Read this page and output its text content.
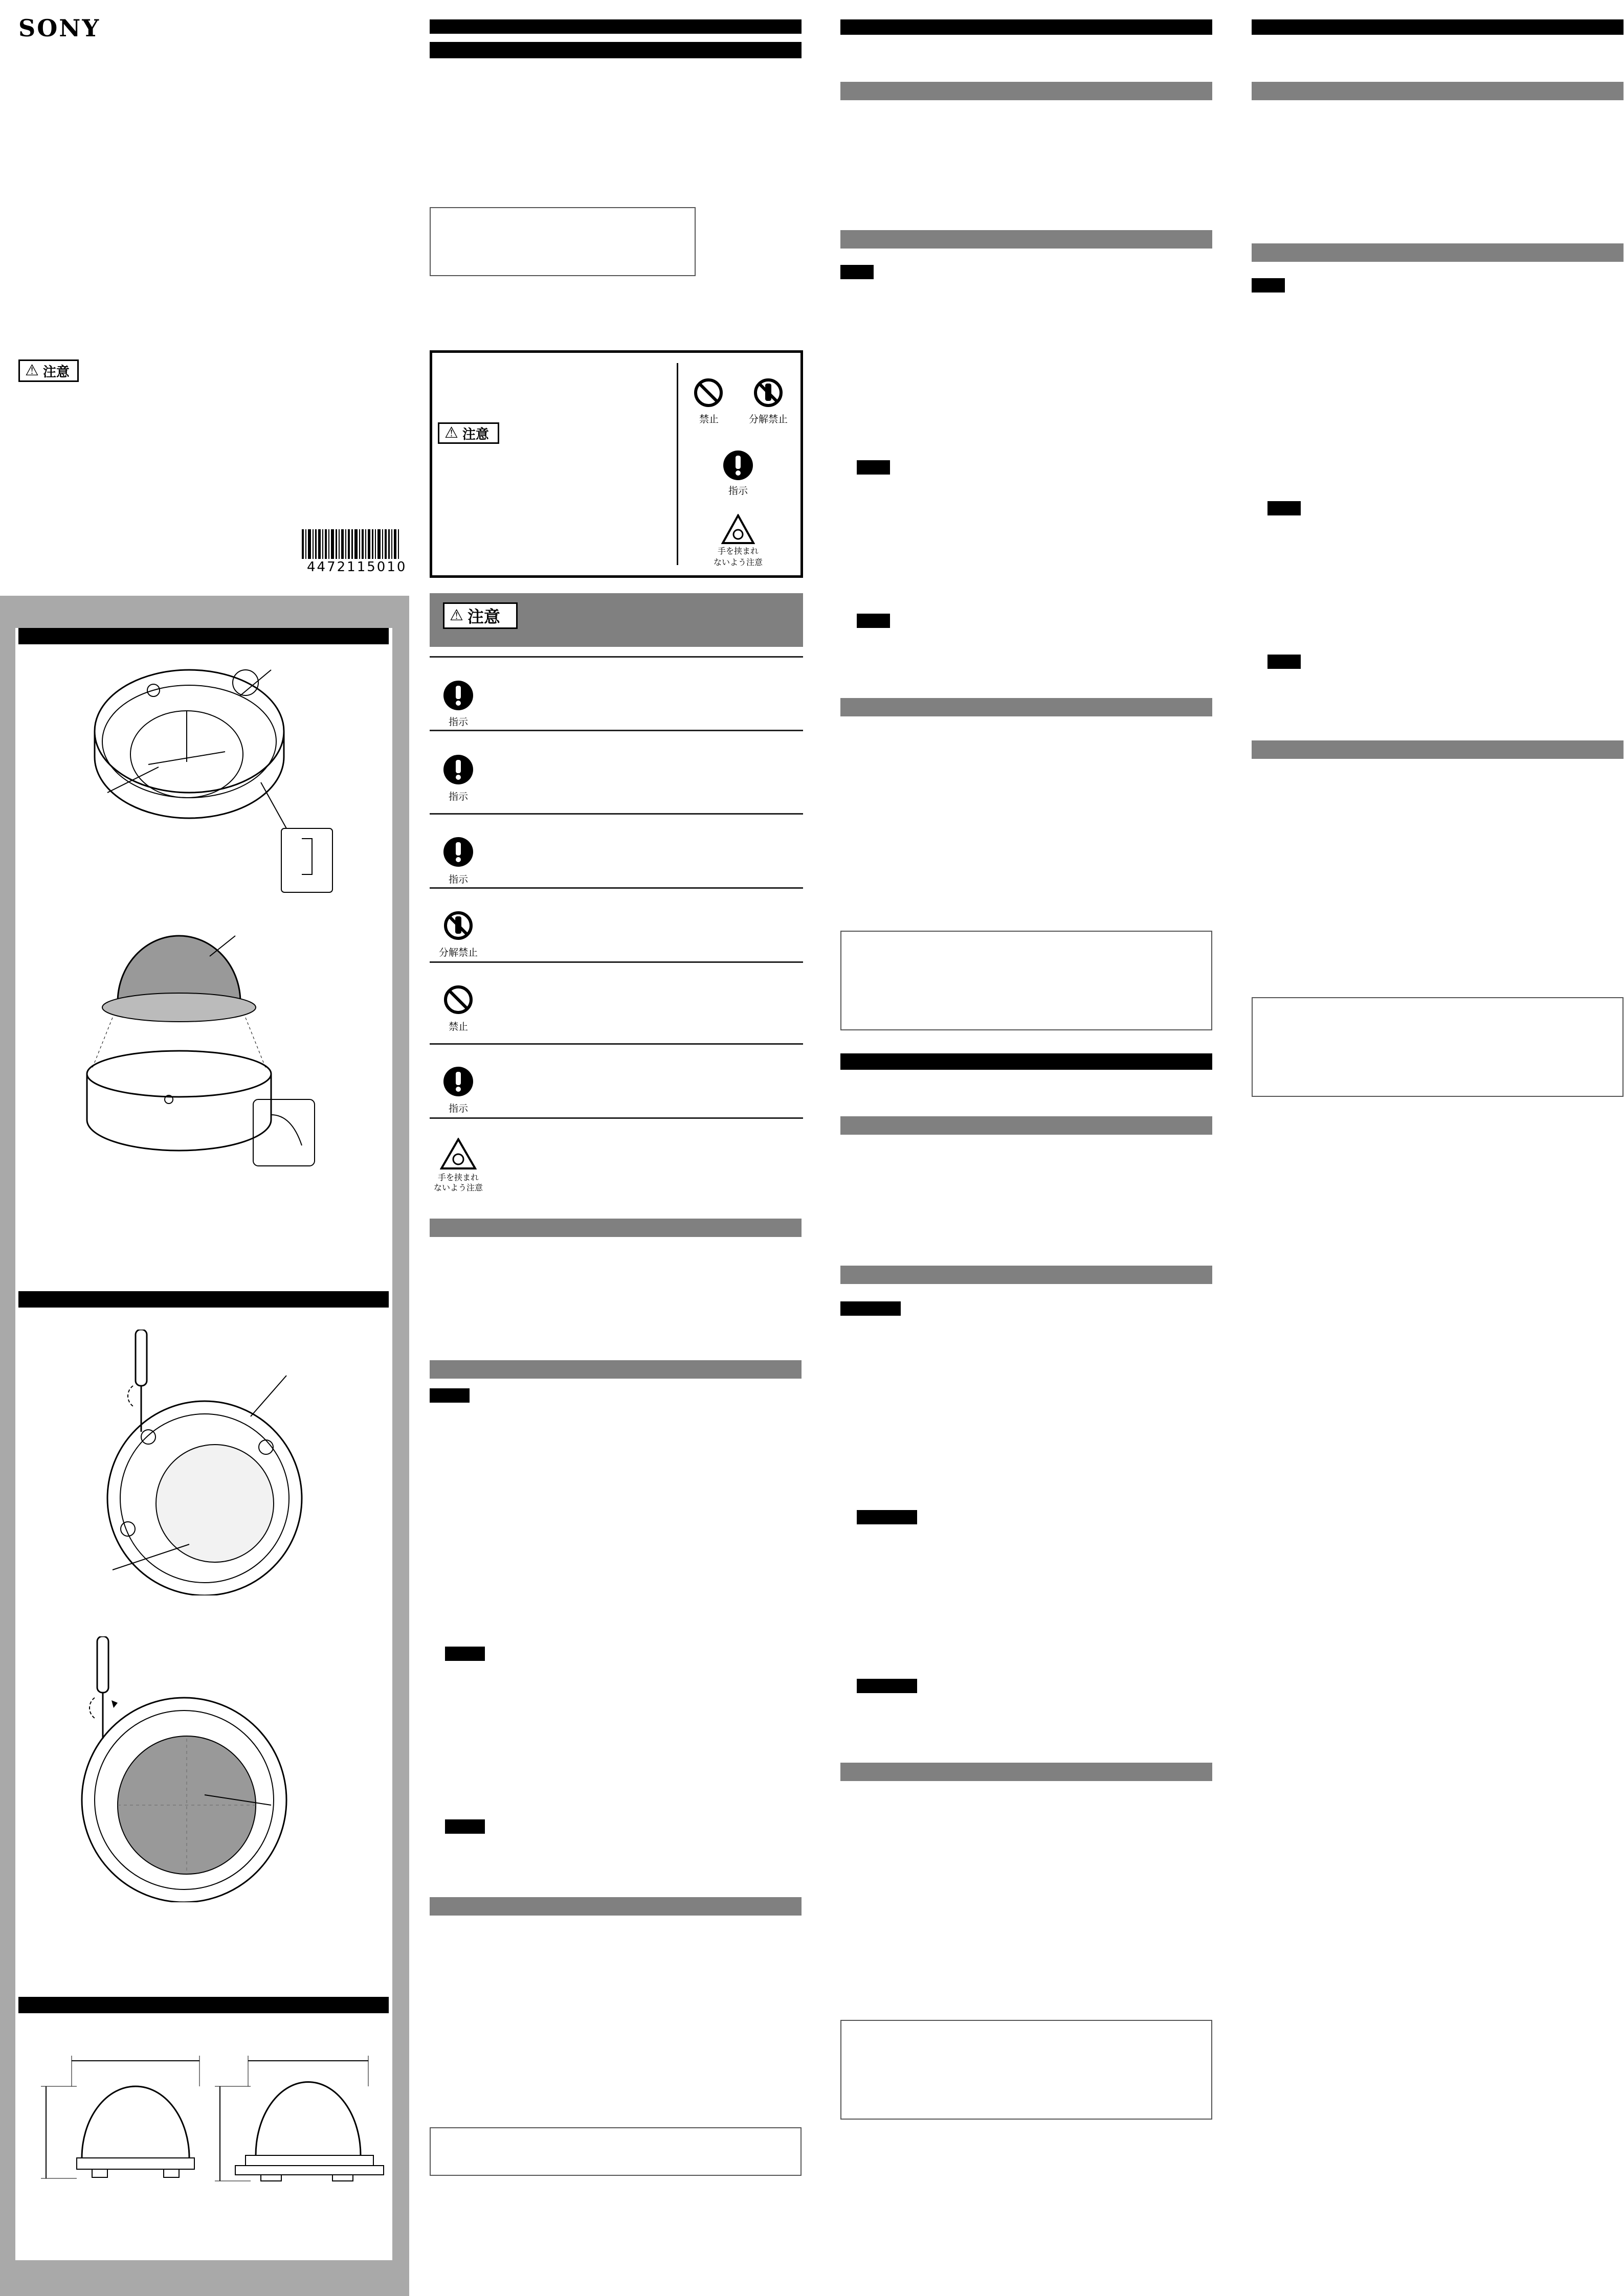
SONY
⚠ 注意
4472115010
⚠ 注意
禁止	分解禁止
指示
手を挟まれ
ないよう注意
⚠ 注意
指示
指示
指示
分解禁止
禁止
指示
手を挟まれ
ないよう注意
